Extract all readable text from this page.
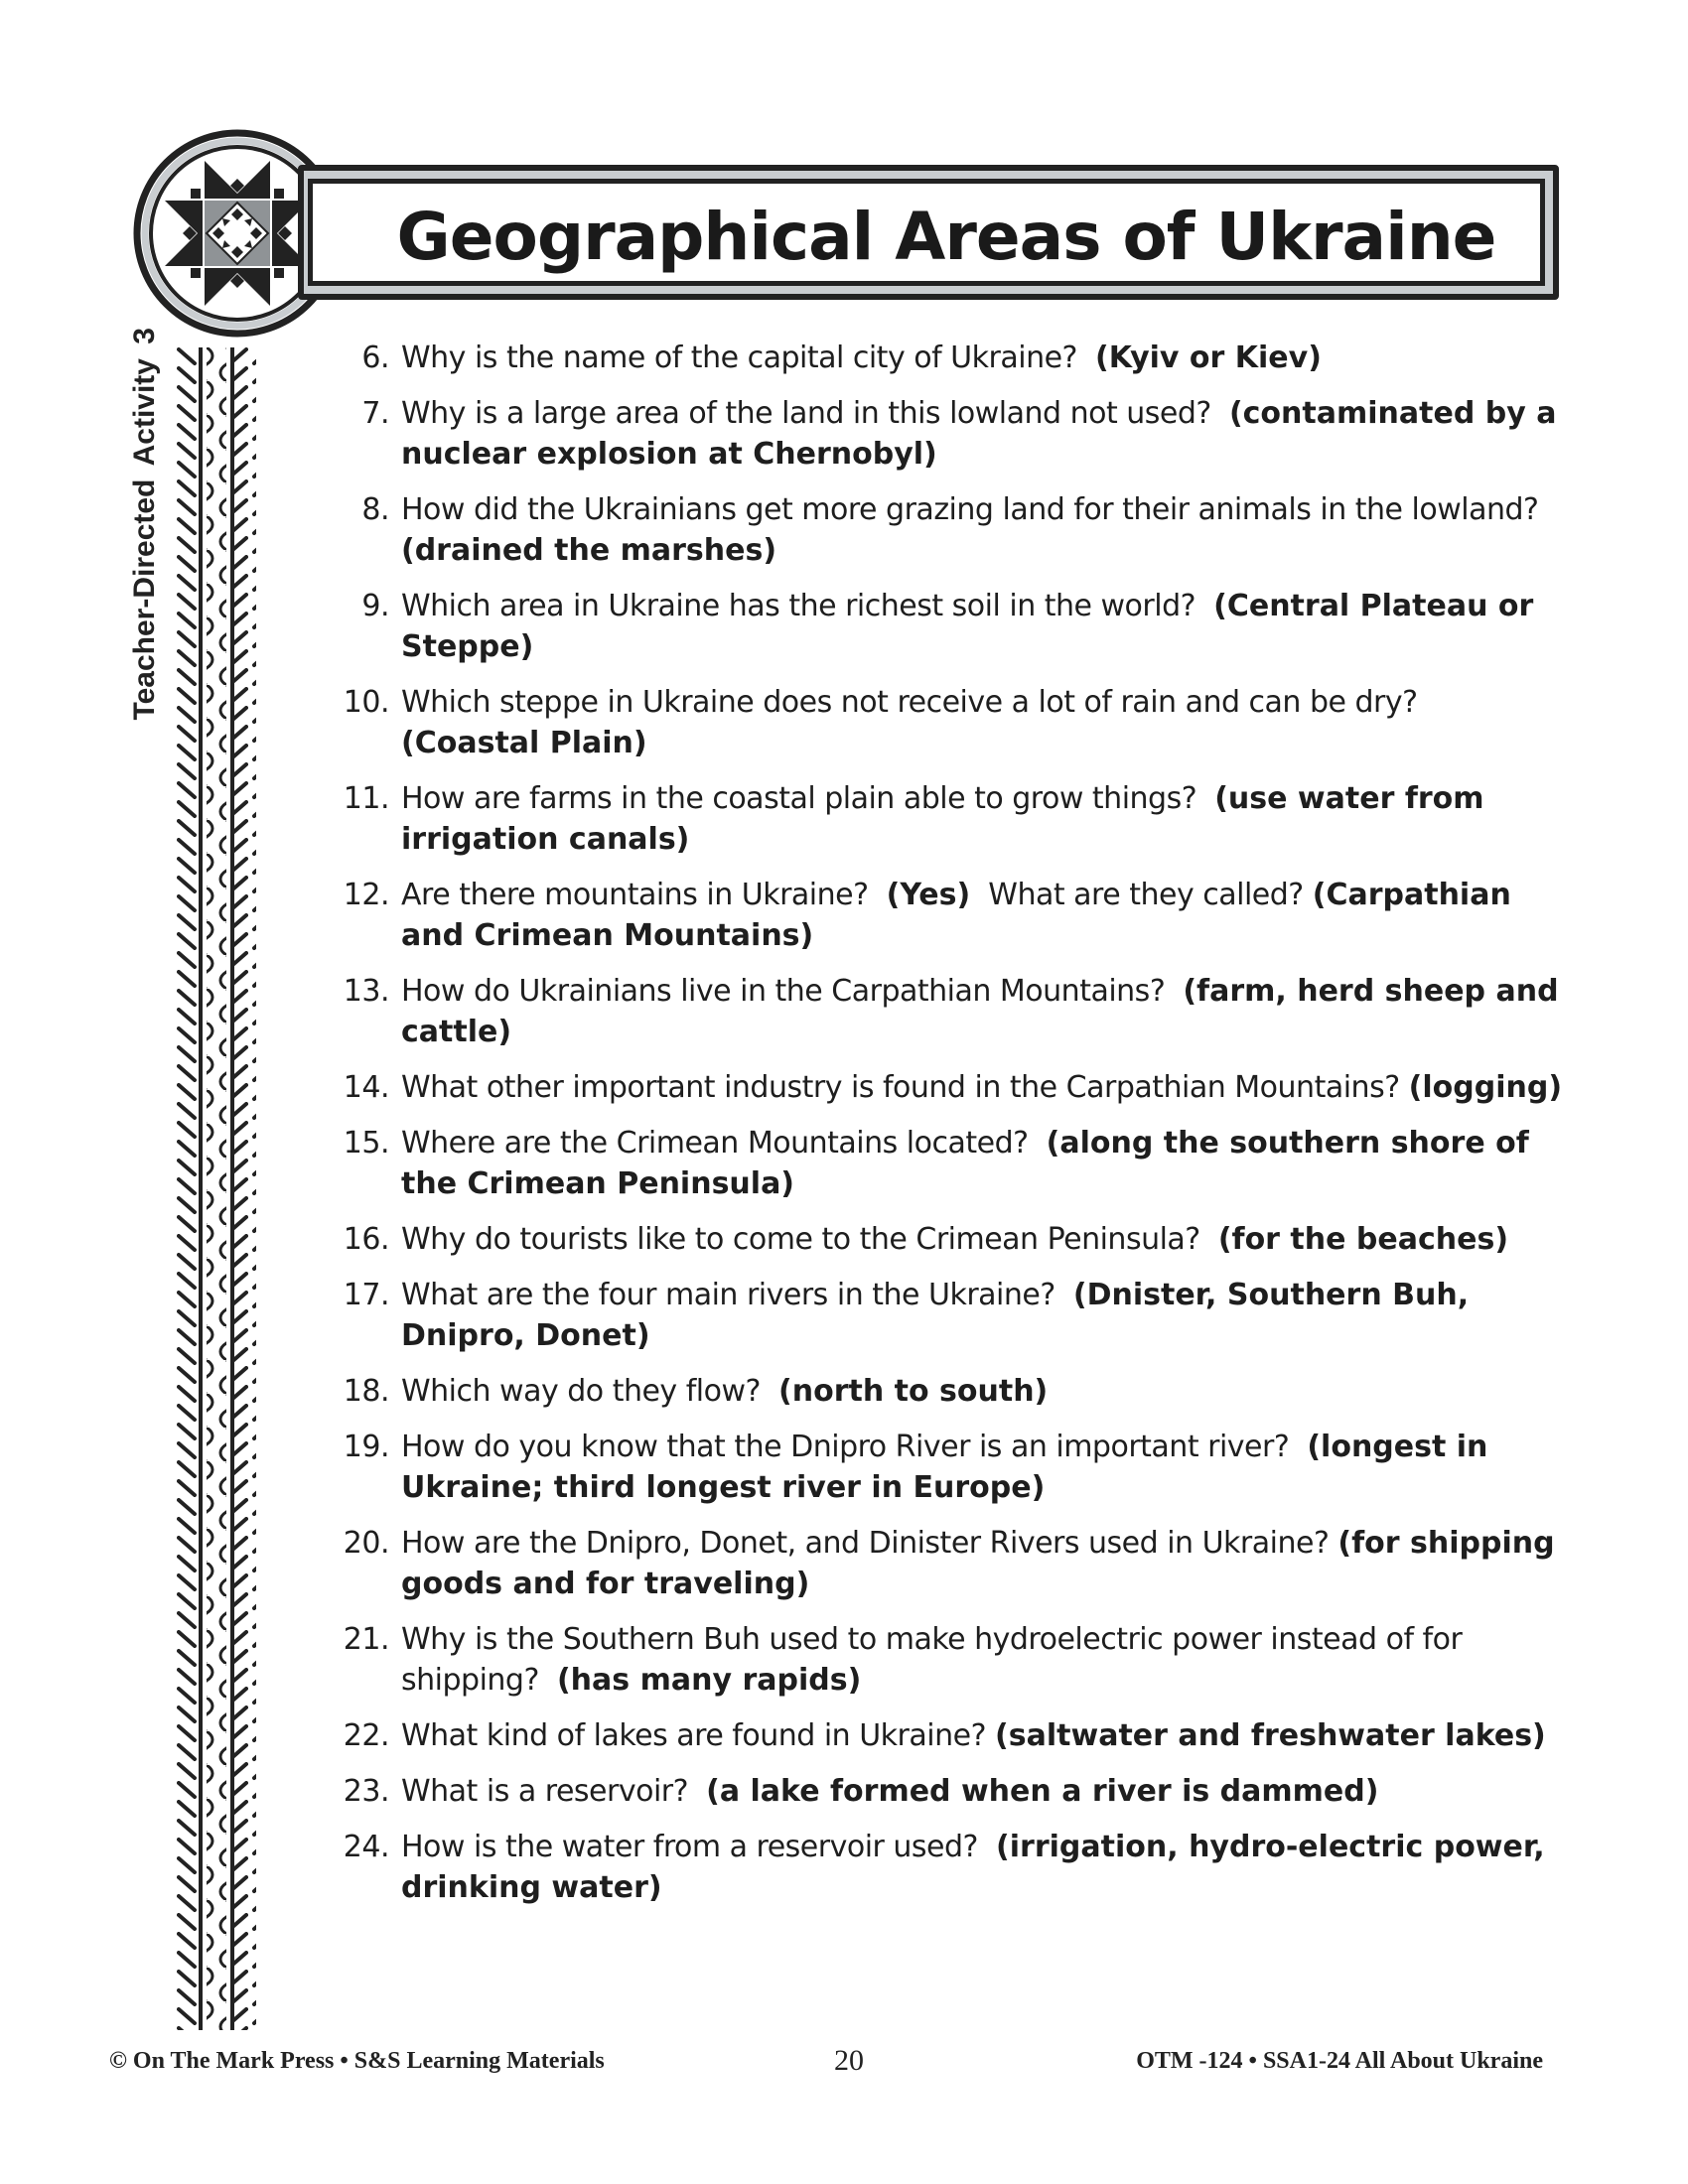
Geographical Areas of Ukraine
Teacher-Directed Activity 3	6. Why is the name of the capital city of Ukraine? (Kyiv or Kiev)
7. Why is a large area of the land in this lowland not used? (contaminated by a nuclear explosion at Chernobyl)
8. How did the Ukrainians get more grazing land for their animals in the lowland?  (drained the marshes)
9. Which area in Ukraine has the richest soil in the world? (Central Plateau or Steppe)
10. Which steppe in Ukraine does not receive a lot of rain and can be dry?  (Coastal Plain)
11. How are farms in the coastal plain able to grow things? (use water from irrigation canals)
12. Are there mountains in Ukraine? (Yes) What are they called? (Carpathian and Crimean Mountains)
13. How do Ukrainians live in the Carpathian Mountains? (farm, herd sheep and cattle)
14. What other important industry is found in the Carpathian Mountains? (logging)
15. Where are the Crimean Mountains located? (along the southern shore of the Crimean Peninsula)
16. Why do tourists like to come to the Crimean Peninsula? (for the beaches)
17. What are the four main rivers in the Ukraine? (Dnister, Southern Buh, Dnipro, Donet)
18. Which way do they flow? (north to south)
19. How do you know that the Dnipro River is an important river? (longest in Ukraine; third longest river in Europe)
20. How are the Dnipro, Donet, and Dinister Rivers used in Ukraine? (for shipping goods and for traveling)
21. Why is the Southern Buh used to make hydroelectric power instead of for shipping? (has many rapids)
22. What kind of lakes are found in Ukraine? (saltwater and freshwater lakes)
23. What is a reservoir? (a lake formed when a river is dammed)
24. How is the water from a reservoir used? (irrigation, hydro-electric power, drinking water)
© On The Mark Press • S&S Learning Materials	20	OTM -124 • SSA1-24 All About Ukraine
